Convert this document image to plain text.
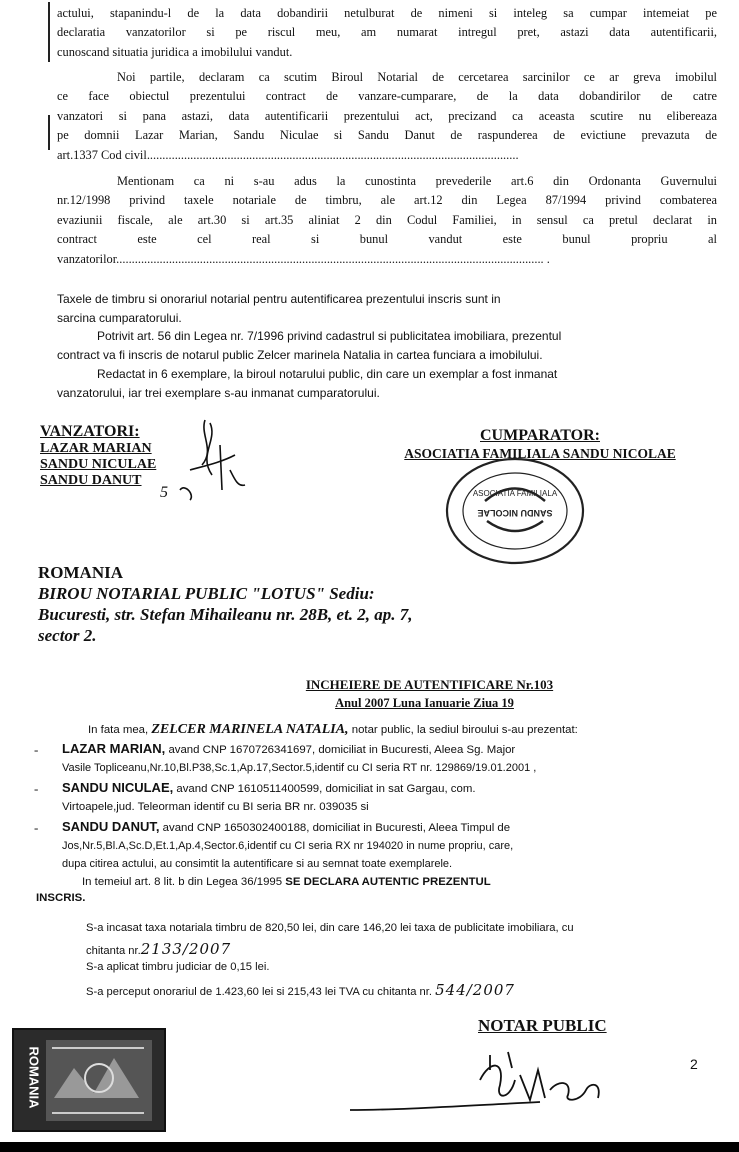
actului, stapanindu-l de la data dobandirii netulburat de nimeni si inteleg sa cumpar intemeiat pe
declaratia vanzatorilor si pe riscul meu, am numarat intregul pret, astazi data autentificarii,
cunoscand situatia juridica a imobilului vandut.
Noi partile, declaram ca scutim Biroul Notarial de cercetarea sarcinilor ce ar greva imobilul
ce face obiectul prezentului contract de vanzare-cumparare, de la data dobandirilor de catre
vanzatori si pana astazi, data autentificarii prezentului act, precizand ca aceasta scutire nu elibereaza
pe domnii Lazar Marian, Sandu Niculae si Sandu Danut de raspunderea de evictiune prevazuta de
art.1337 Cod civil........................................................................................................................
Mentionam ca ni s-au adus la cunostinta prevederile art.6 din Ordonanta Guvernului
nr.12/1998 privind taxele notariale de timbru, ale art.12 din Legea 87/1994 privind combaterea
evaziunii fiscale, ale art.30 si art.35 aliniat 2 din Codul Familiei, in sensul ca pretul declarat in
contract este cel real si bunul vandut este bunul propriu al
vanzatorilor.......................................................................................................................................... .
Taxele de timbru si onorariul notarial pentru autentificarea prezentului inscris sunt in
sarcina cumparatorului.
Potrivit art. 56 din Legea nr. 7/1996 privind cadastrul si publicitatea imobiliara, prezentul
contract va fi inscris de notarul public Zelcer marinela Natalia in cartea funciara a imobilului.
Redactat in 6 exemplare, la biroul notarului public, din care un exemplar a fost inmanat
vanzatorului, iar trei exemplare s-au inmanat cumparatorului.
VANZATORI:
LAZAR MARIAN
SANDU NICULAE
SANDU DANUT
5
CUMPARATOR:
ASOCIATIA FAMILIALA SANDU NICOLAE
ASOCIATIA FAMILIALA
SANDU NICOLAE
ROMANIA
BIROU NOTARIAL PUBLIC "LOTUS" Sediu:
Bucuresti, str. Stefan Mihaileanu nr. 28B, et. 2, ap. 7,
sector 2.
INCHEIERE DE AUTENTIFICARE Nr.103
Anul 2007 Luna Ianuarie Ziua 19
In fata mea, ZELCER MARINELA NATALIA, notar public, la sediul biroului s-au prezentat:
- LAZAR MARIAN, avand CNP 1670726341697, domiciliat in Bucuresti, Aleea Sg. Major
Vasile Topliceanu,Nr.10,Bl.P38,Sc.1,Ap.17,Sector.5,identif cu CI seria RT nr. 129869/19.01.2001 ,
- SANDU NICULAE, avand CNP 1610511400599, domiciliat in sat Gargau, com.
Virtoapele,jud. Teleorman identif cu BI seria BR nr. 039035 si
- SANDU DANUT, avand CNP 1650302400188, domiciliat in Bucuresti, Aleea Timpul de
Jos,Nr.5,Bl.A,Sc.D,Et.1,Ap.4,Sector.6,identif cu CI seria RX nr 194020 in nume propriu, care,
dupa citirea actului, au consimtit la autentificare si au semnat toate exemplarele.
In temeiul art. 8 lit. b din Legea 36/1995 SE DECLARA AUTENTIC PREZENTUL
INSCRIS.
S-a incasat taxa notariala timbru de 820,50 lei, din care 146,20 lei taxa de publicitate imobiliara, cu
chitanta nr.2133/2007
S-a aplicat timbru judiciar de 0,15 lei.
S-a perceput onorariul de 1.423,60 lei si 215,43 lei TVA cu chitanta nr. 544/2007
ROMANIA
NOTAR PUBLIC
2
